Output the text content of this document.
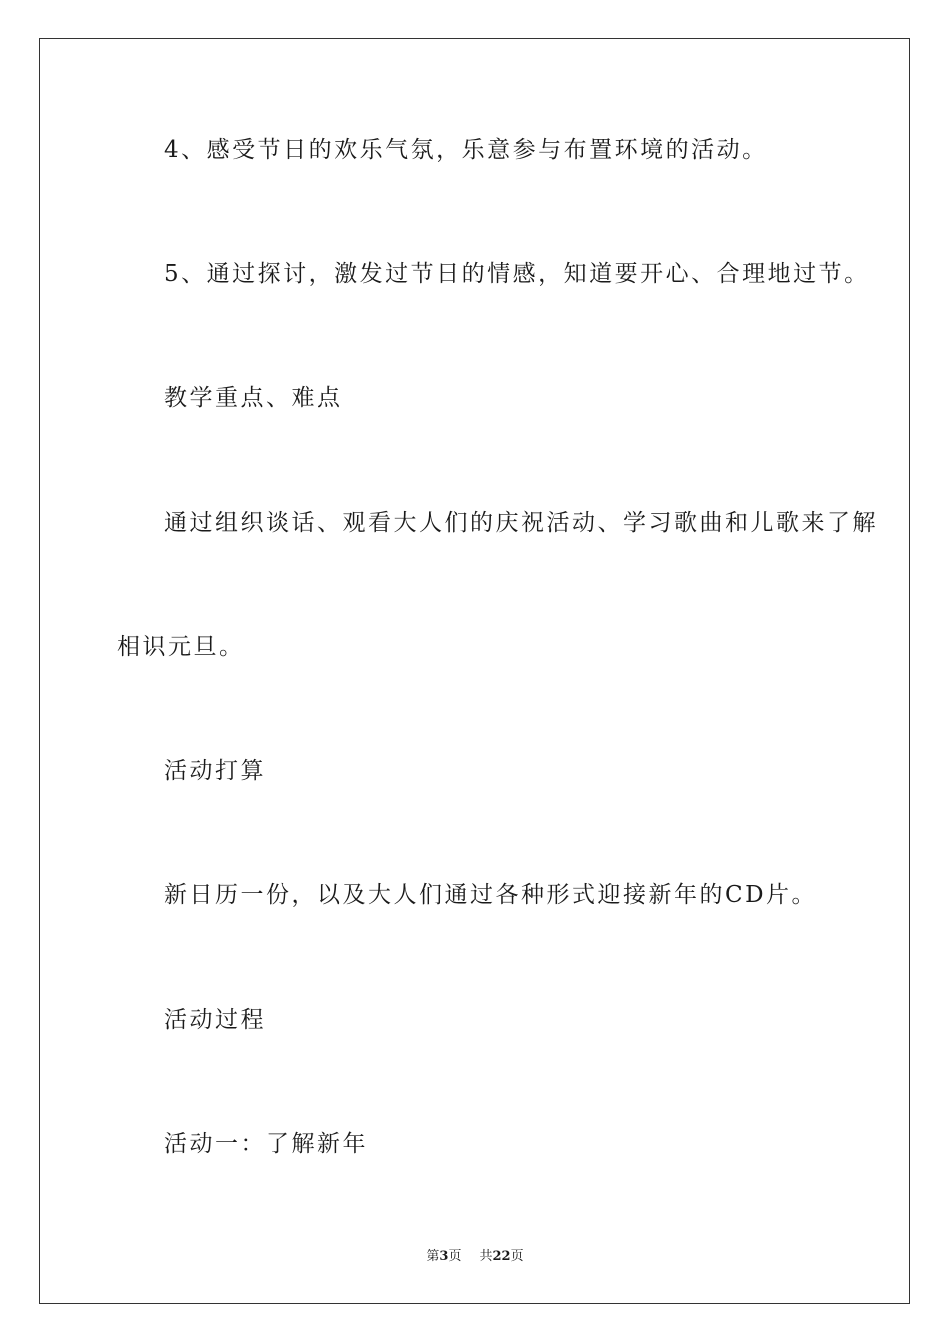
4、感受节日的欢乐气氛，乐意参与布置环境的活动。
5、通过探讨，激发过节日的情感，知道要开心、合理地过节。
教学重点、难点
通过组织谈话、观看大人们的庆祝活动、学习歌曲和儿歌来了解
相识元旦。
活动打算
新日历一份，以及大人们通过各种形式迎接新年的CD片。
活动过程
活动一：了解新年
第3页 共22页
